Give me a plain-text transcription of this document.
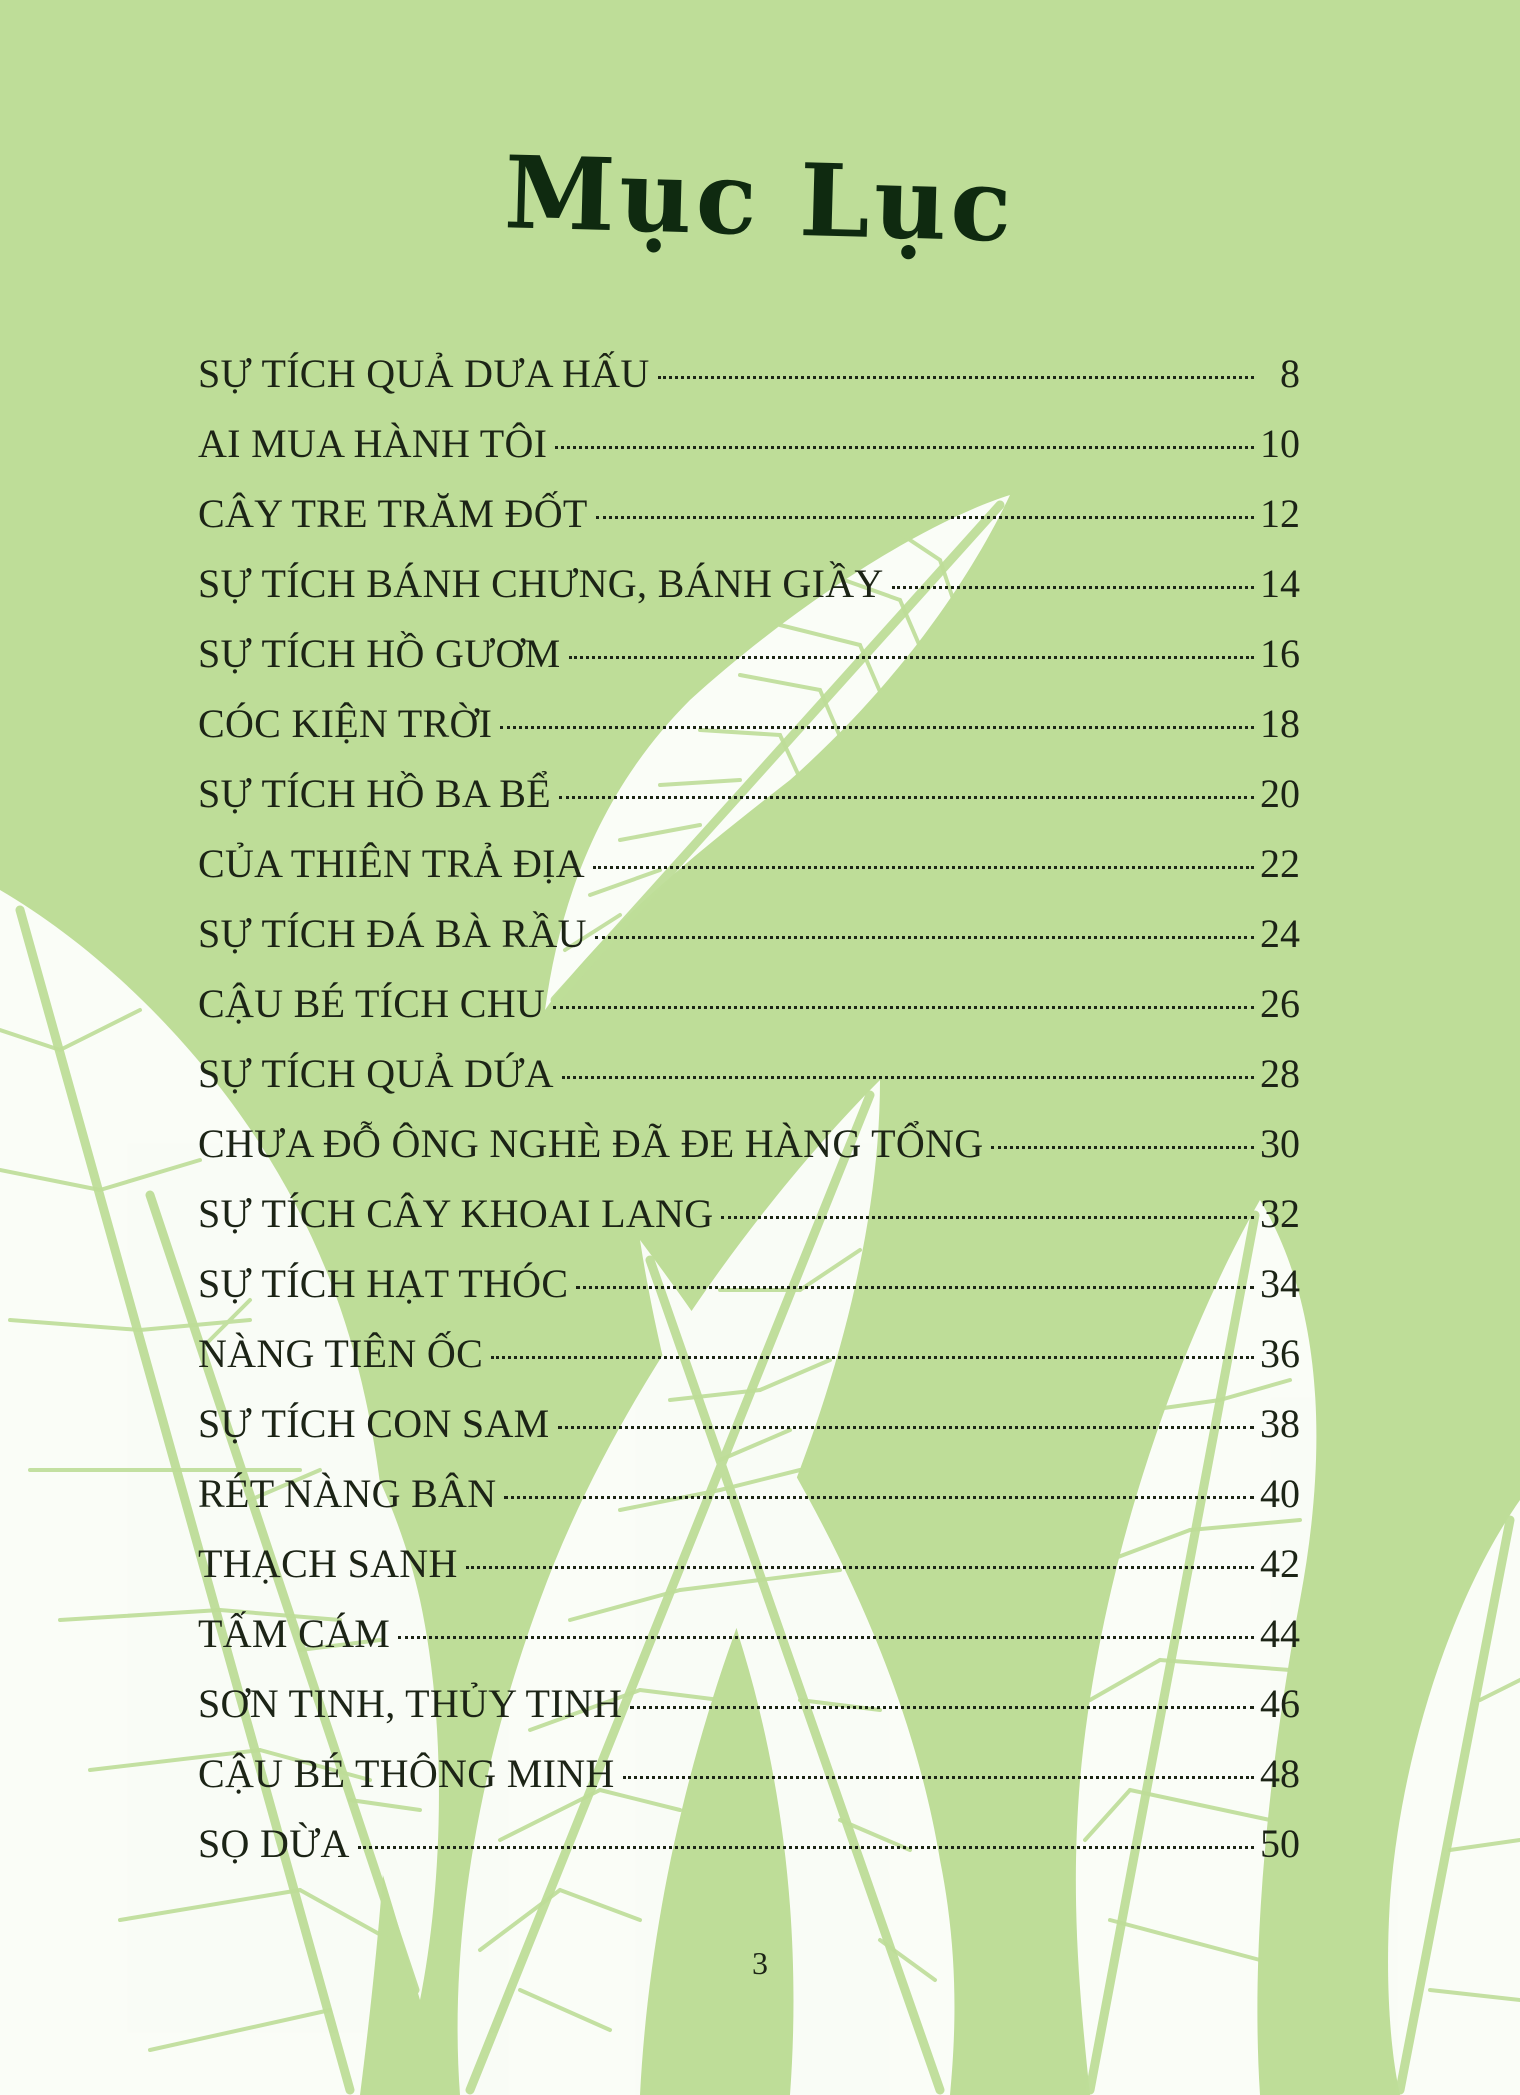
Mục Lục
SỰ TÍCH QUẢ DƯA HẤU	8
AI MUA HÀNH TÔI	10
CÂY TRE TRĂM ĐỐT	12
SỰ TÍCH BÁNH CHƯNG, BÁNH GIẦY	14
SỰ TÍCH HỒ GƯƠM	16
CÓC KIỆN TRỜI	18
SỰ TÍCH HỒ BA BỂ	20
CỦA THIÊN TRẢ ĐỊA	22
SỰ TÍCH ĐÁ BÀ RẦU	24
CẬU BÉ TÍCH CHU	26
SỰ TÍCH QUẢ DỨA	28
CHƯA ĐỖ ÔNG NGHÈ ĐÃ ĐE HÀNG TỔNG	30
SỰ TÍCH CÂY KHOAI LANG	32
SỰ TÍCH HẠT THÓC	34
NÀNG TIÊN ỐC	36
SỰ TÍCH CON SAM	38
RÉT NÀNG BÂN	40
THẠCH SANH	42
TẤM CÁM	44
SƠN TINH, THỦY TINH	46
CẬU BÉ THÔNG MINH	48
SỌ DỪA	50
3
